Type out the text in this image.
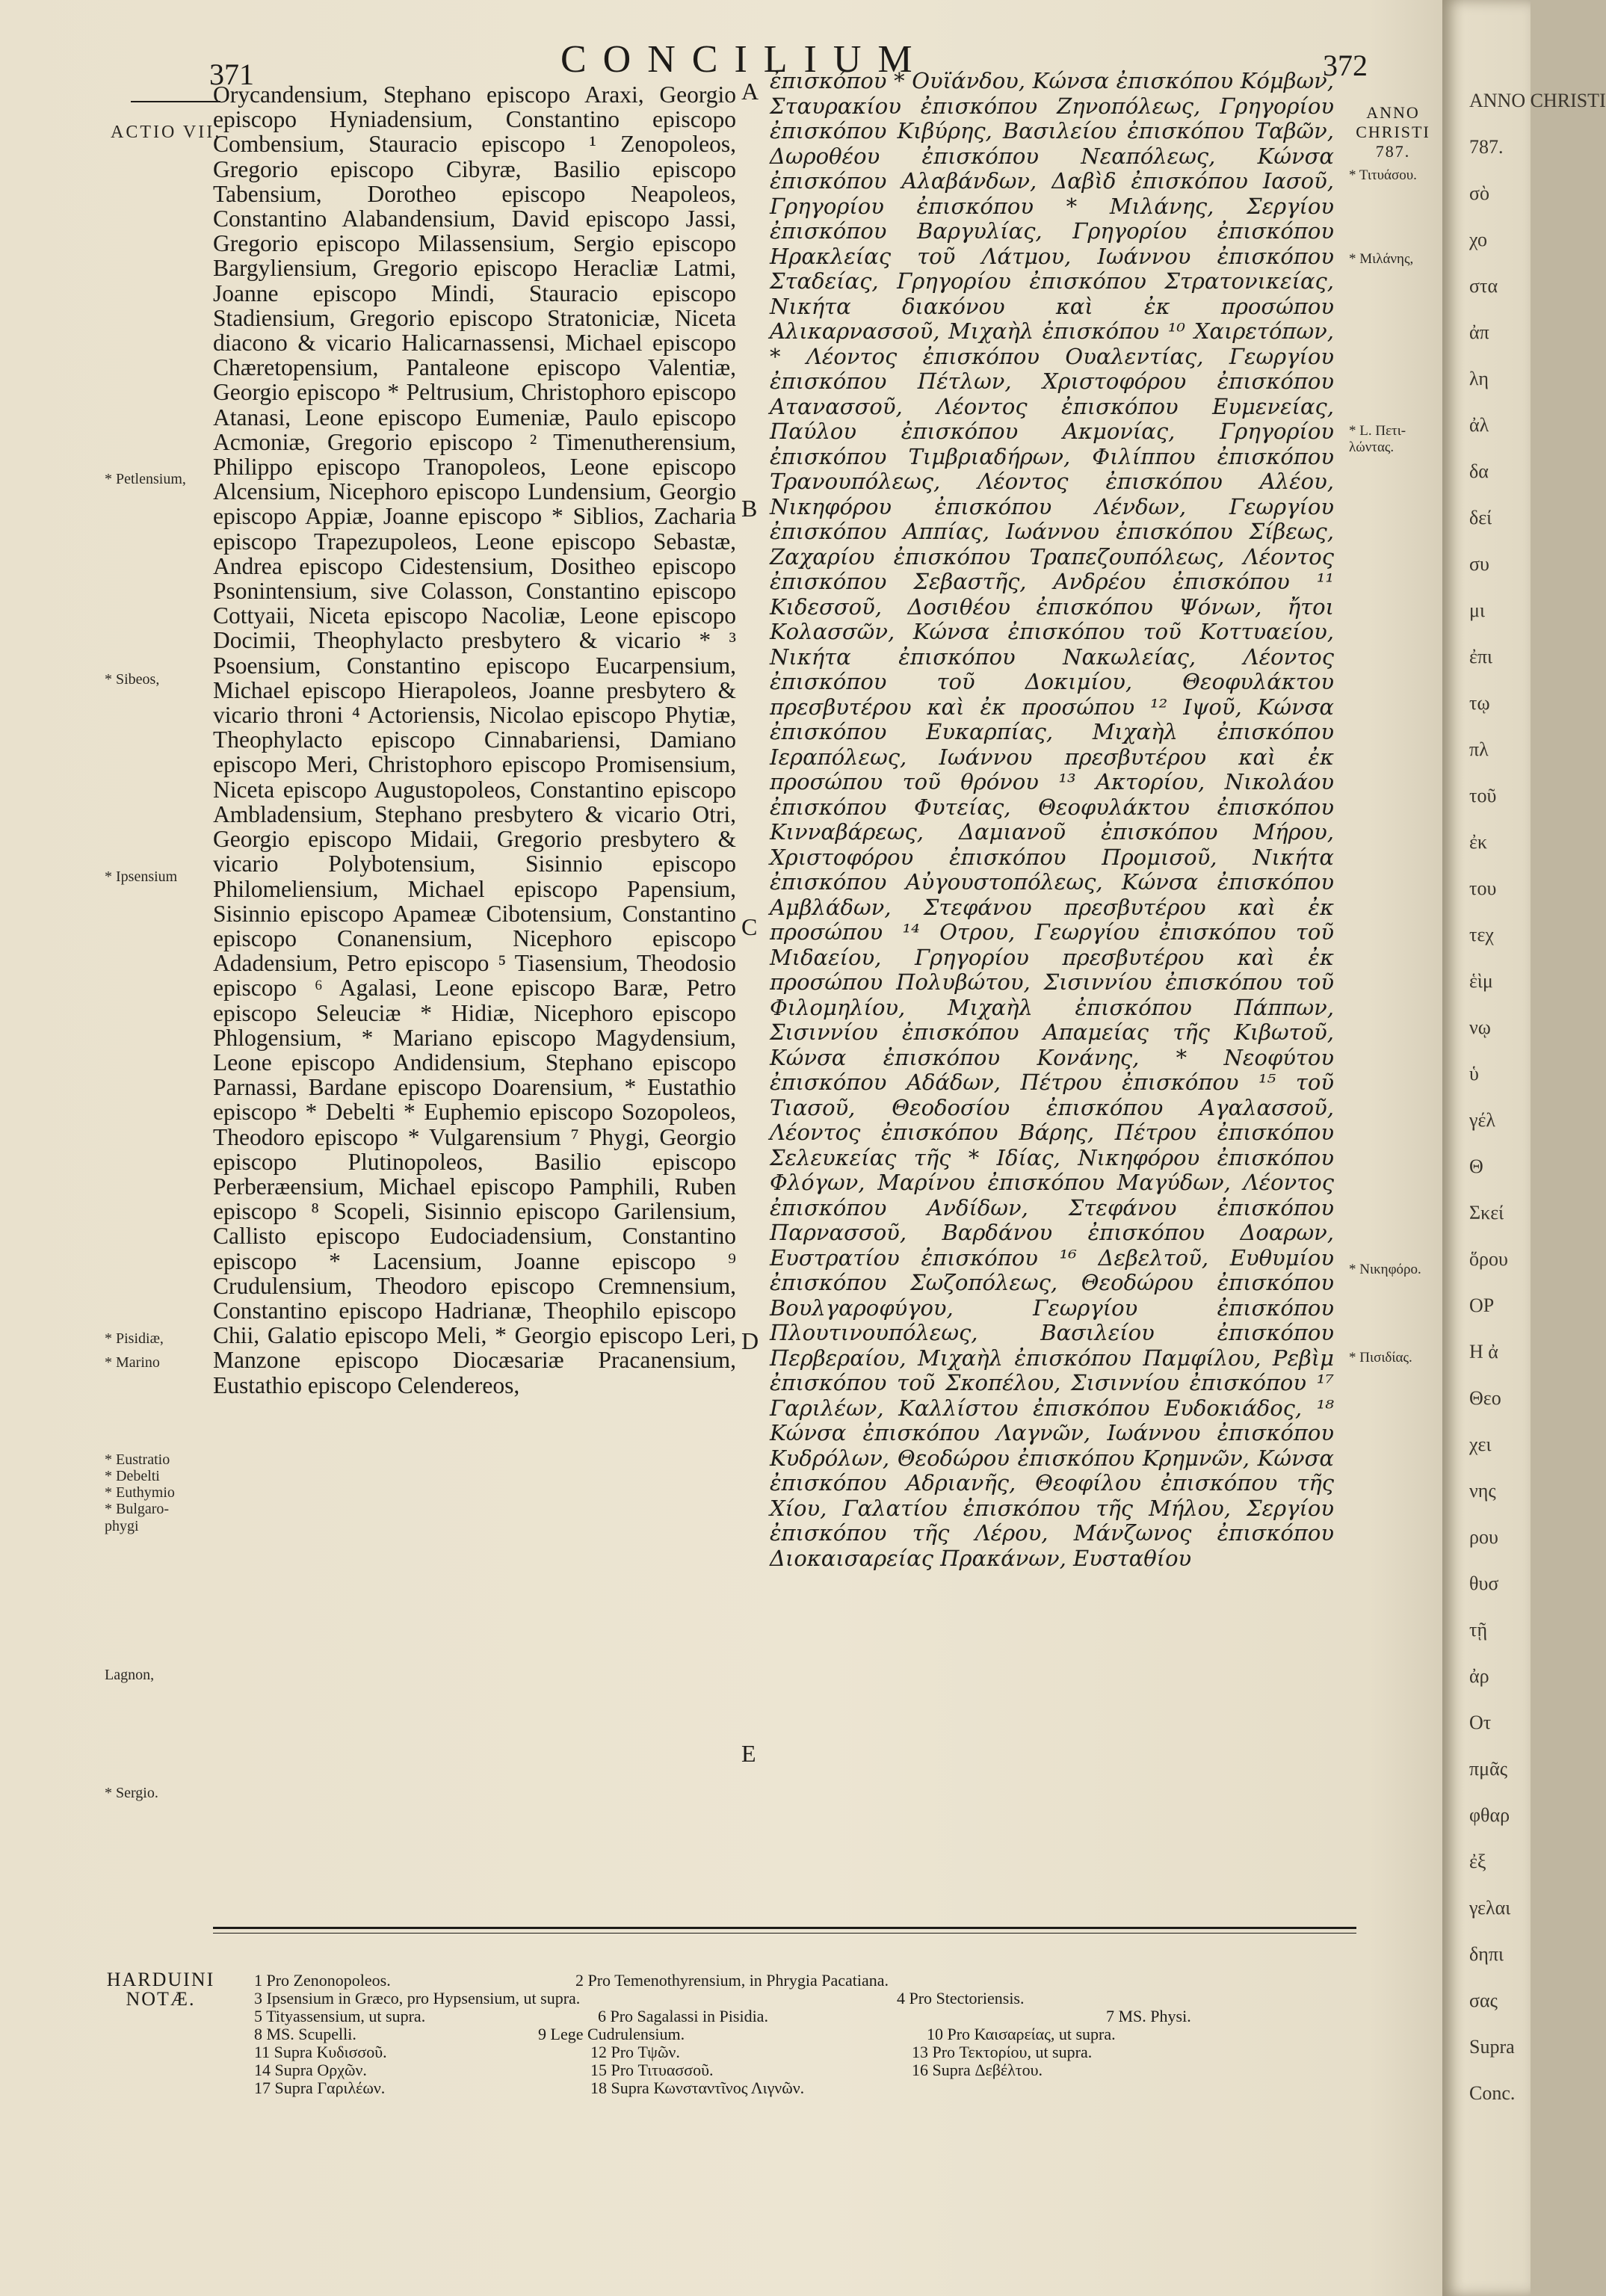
371	CONCILIUM	372
ACTIO VII.
* Petlensium,
* Sibeos,
* Ipsensium
* Pisidiæ,
* Marino
* Eustratio
* Debelti
* Euthymio
* Bulgaro-phygi
Lagnon,
* Sergio.

Orycandensium, Stephano episcopo Araxi, Georgio episcopo Hyniadensium, Constantino episcopo Combensium, Stauracio episcopo ¹ Zenopoleos, Gregorio episcopo Cibyræ, Basilio episcopo Tabensium, Dorotheo episcopo Neapoleos, Constantino Alabandensium, David episcopo Jassi, Gregorio episcopo Milassensium, Sergio episcopo Bargyliensium, Gregorio episcopo Heracliæ Latmi, Joanne episcopo Mindi, Stauracio episcopo Stadiensium, Gregorio episcopo Stratoniciæ, Niceta diacono & vicario Halicarnassensi, Michael episcopo Chæretopensium, Pantaleone episcopo Valentiæ, Georgio episcopo * Peltrusium, Christophoro episcopo Atanasi, Leone episcopo Eumeniæ, Paulo episcopo Acmoniæ, Gregorio episcopo ² Timenutherensium, Philippo episcopo Tranopoleos, Leone episcopo Alcensium, Nicephoro episcopo Lundensium, Georgio episcopo Appiæ, Joanne episcopo * Siblios, Zacharia episcopo Trapezupoleos, Leone episcopo Sebastæ, Andrea episcopo Cidestensium, Dositheo episcopo Psonintensium, sive Colasson, Constantino episcopo Cottyaii, Niceta episcopo Nacoliæ, Leone episcopo Docimii, Theophylacto presbytero & vicario * ³ Psoensium, Constantino episcopo Eucarpensium, Michael episcopo Hierapoleos, Joanne presbytero & vicario throni ⁴ Actoriensis, Nicolao episcopo Phytiæ, Theophylacto episcopo Cinnabariensi, Damiano episcopo Meri, Christophoro episcopo Promisensium, Niceta episcopo Augustopoleos, Constantino episcopo Ambladensium, Stephano presbytero & vicario Otri, Georgio episcopo Midaii, Gregorio presbytero & vicario Polybotensium, Sisinnio episcopo Philomeliensium, Michael episcopo Papensium, Sisinnio episcopo Apameæ Cibotensium, Constantino episcopo Conanensium, Nicephoro episcopo Adadensium, Petro episcopo ⁵ Tiasensium, Theodosio episcopo ⁶ Agalasi, Leone episcopo Baræ, Petro episcopo Seleuciæ * Hidiæ, Nicephoro episcopo Phlogensium, * Mariano episcopo Magydensium, Leone episcopo Andidensium, Stephano episcopo Parnassi, Bardane episcopo Doarensium, * Eustathio episcopo * Debelti * Euphemio episcopo Sozopoleos, Theodoro episcopo * Vulgarensium ⁷ Phygi, Georgio episcopo Plutinopoleos, Basilio episcopo Perberæensium, Michael episcopo Pamphili, Ruben episcopo ⁸ Scopeli, Sisinnio episcopo Garilensium, Callisto episcopo Eudociadensium, Constantino episcopo * Lacensium, Joanne episcopo ⁹ Crudulensium, Theodoro episcopo Cremnensium, Constantino episcopo Hadrianæ, Theophilo episcopo Chii, Galatio episcopo Meli, * Georgio episcopo Leri, Manzone episcopo Diocæsariæ Pracanensium, Eustathio episcopo Celendereos,

A
B
C
D
E

ἐπισκόπου * Ουϊάνδου, Κώνσα ἐπισκόπου Κόμβων, Σταυρακίου ἐπισκόπου Ζηνοπόλεως, Γρηγορίου ἐπισκόπου Κιβύρης, Βασιλείου ἐπισκόπου Ταβῶν, Δωροθέου ἐπισκόπου Νεαπόλεως, Κώνσα ἐπισκόπου Αλαβάνδων, Δαβὶδ ἐπισκόπου Ιασοῦ, Γρηγορίου ἐπισκόπου * Μιλάνης, Σεργίου ἐπισκόπου Βαργυλίας, Γρηγορίου ἐπισκόπου Ηρακλείας τοῦ Λάτμου, Ιωάννου ἐπισκόπου Σταδείας, Γρηγορίου ἐπισκόπου Στρατονικείας, Νικήτα διακόνου καὶ ἐκ προσώπου Αλικαρνασσοῦ, Μιχαὴλ ἐπισκόπου ¹⁰ Χαιρετόπων, * Λέοντος ἐπισκόπου Ουαλεντίας, Γεωργίου ἐπισκόπου Πέτλων, Χριστοφόρου ἐπισκόπου Ατανασσοῦ, Λέοντος ἐπισκόπου Ευμενείας, Παύλου ἐπισκόπου Ακμονίας, Γρηγορίου ἐπισκόπου Τιμβριαδήρων, Φιλίππου ἐπισκόπου Τρανουπόλεως, Λέοντος ἐπισκόπου Αλέου, Νικηφόρου ἐπισκόπου Λένδων, Γεωργίου ἐπισκόπου Αππίας, Ιωάννου ἐπισκόπου Σίβεως, Ζαχαρίου ἐπισκόπου Τραπεζουπόλεως, Λέοντος ἐπισκόπου Σεβαστῆς, Ανδρέου ἐπισκόπου ¹¹ Κιδεσσοῦ, Δοσιθέου ἐπισκόπου Ψόνων, ἤτοι Κολασσῶν, Κώνσα ἐπισκόπου τοῦ Κοττυαείου, Νικήτα ἐπισκόπου Νακωλείας, Λέοντος ἐπισκόπου τοῦ Δοκιμίου, Θεοφυλάκτου πρεσβυτέρου καὶ ἐκ προσώπου ¹² Ιψοῦ, Κώνσα ἐπισκόπου Ευκαρπίας, Μιχαὴλ ἐπισκόπου Ιεραπόλεως, Ιωάννου πρεσβυτέρου καὶ ἐκ προσώπου τοῦ θρόνου ¹³ Ακτορίου, Νικολάου ἐπισκόπου Φυτείας, Θεοφυλάκτου ἐπισκόπου Κινναβάρεως, Δαμιανοῦ ἐπισκόπου Μήρου, Χριστοφόρου ἐπισκόπου Προμισοῦ, Νικήτα ἐπισκόπου Αὐγουστοπόλεως, Κώνσα ἐπισκόπου Αμβλάδων, Στεφάνου πρεσβυτέρου καὶ ἐκ προσώπου ¹⁴ Οτρου, Γεωργίου ἐπισκόπου τοῦ Μιδαείου, Γρηγορίου πρεσβυτέρου καὶ ἐκ προσώπου Πολυβώτου, Σισιννίου ἐπισκόπου τοῦ Φιλομηλίου, Μιχαὴλ ἐπισκόπου Πάππων, Σισιννίου ἐπισκόπου Απαμείας τῆς Κιβωτοῦ, Κώνσα ἐπισκόπου Κονάνης, * Νεοφύτου ἐπισκόπου Αδάδων, Πέτρου ἐπισκόπου ¹⁵ τοῦ Τιασοῦ, Θεοδοσίου ἐπισκόπου Αγαλασσοῦ, Λέοντος ἐπισκόπου Βάρης, Πέτρου ἐπισκόπου Σελευκείας τῆς * Ιδίας, Νικηφόρου ἐπισκόπου Φλόγων, Μαρίνου ἐπισκόπου Μαγύδων, Λέοντος ἐπισκόπου Ανδίδων, Στεφάνου ἐπισκόπου Παρνασσοῦ, Βαρδάνου ἐπισκόπου Δοαρων, Ευστρατίου ἐπισκόπου ¹⁶ Δεβελτοῦ, Ευθυμίου ἐπισκόπου Σωζοπόλεως, Θεοδώρου ἐπισκόπου Βουλγαροφύγου, Γεωργίου ἐπισκόπου Πλουτινουπόλεως, Βασιλείου ἐπισκόπου Περβεραίου, Μιχαὴλ ἐπισκόπου Παμφίλου, Ρεβὶμ ἐπισκόπου τοῦ Σκοπέλου, Σισιννίου ἐπισκόπου ¹⁷ Γαριλέων, Καλλίστου ἐπισκόπου Ευδοκιάδος, ¹⁸ Κώνσα ἐπισκόπου Λαγνῶν, Ιωάννου ἐπισκόπου Κυδρόλων, Θεοδώρου ἐπισκόπου Κρημνῶν, Κώνσα ἐπισκόπου Αδριανῆς, Θεοφίλου ἐπισκόπου τῆς Χίου, Γαλατίου ἐπισκόπου τῆς Μήλου, Σεργίου ἐπισκόπου τῆς Λέρου, Μάνζωνος ἐπισκόπου Διοκαισαρείας Πρακάνων, Ευσταθίου

ANNO
CHRISTI
787.
* Τιτυάσου.
* Μιλάνης,
* L. Πετι-λώντας.
* Νικηφόρο.
* Πισιδίας.
HARDUINI
NOTÆ.
1 Pro Zenonopoleos.	2 Pro Temenothyrensium, in Phrygia Pacatiana.
3 Ipsensium in Græco, pro Hypsensium, ut supra.	4 Pro Stectoriensis.
5 Tityassensium, ut supra.	6 Pro Sagalassi in Pisidia.	7 MS. Physi.
8 MS. Scupelli.	9 Lege Cudrulensium.	10 Pro Καισαρείας, ut supra.
11 Supra Κυδισσοῦ.	12 Pro Τψῶν.	13 Pro Τεκτορίου, ut supra.
14 Supra Ορχῶν.	15 Pro Τιτυασσοῦ.	16 Supra Δεβέλτου.
17 Supra Γαριλέων.	18 Supra Κωνσταντῖνος Λιγνῶν.
ANNO CHRISTI
787.
σὸ
χο
στα
ἀπ
λη
ἀλ
δα
δεί
συ
μι
ἐπι
τῳ
πλ
τοῦ
ἐκ
του
τεχ
ἑὶμ
νῳ
ὑ
γέλ
Θ
Σκεί
ὅρου
ΟΡ
Η ἀ
Θεο
χει
νης
ρου
θυσ
τῇ
ἀρ
Οτ
πμᾶς
φθαρ
ἐξ
γελαι
δηπι
σας
Supra
Conc.
